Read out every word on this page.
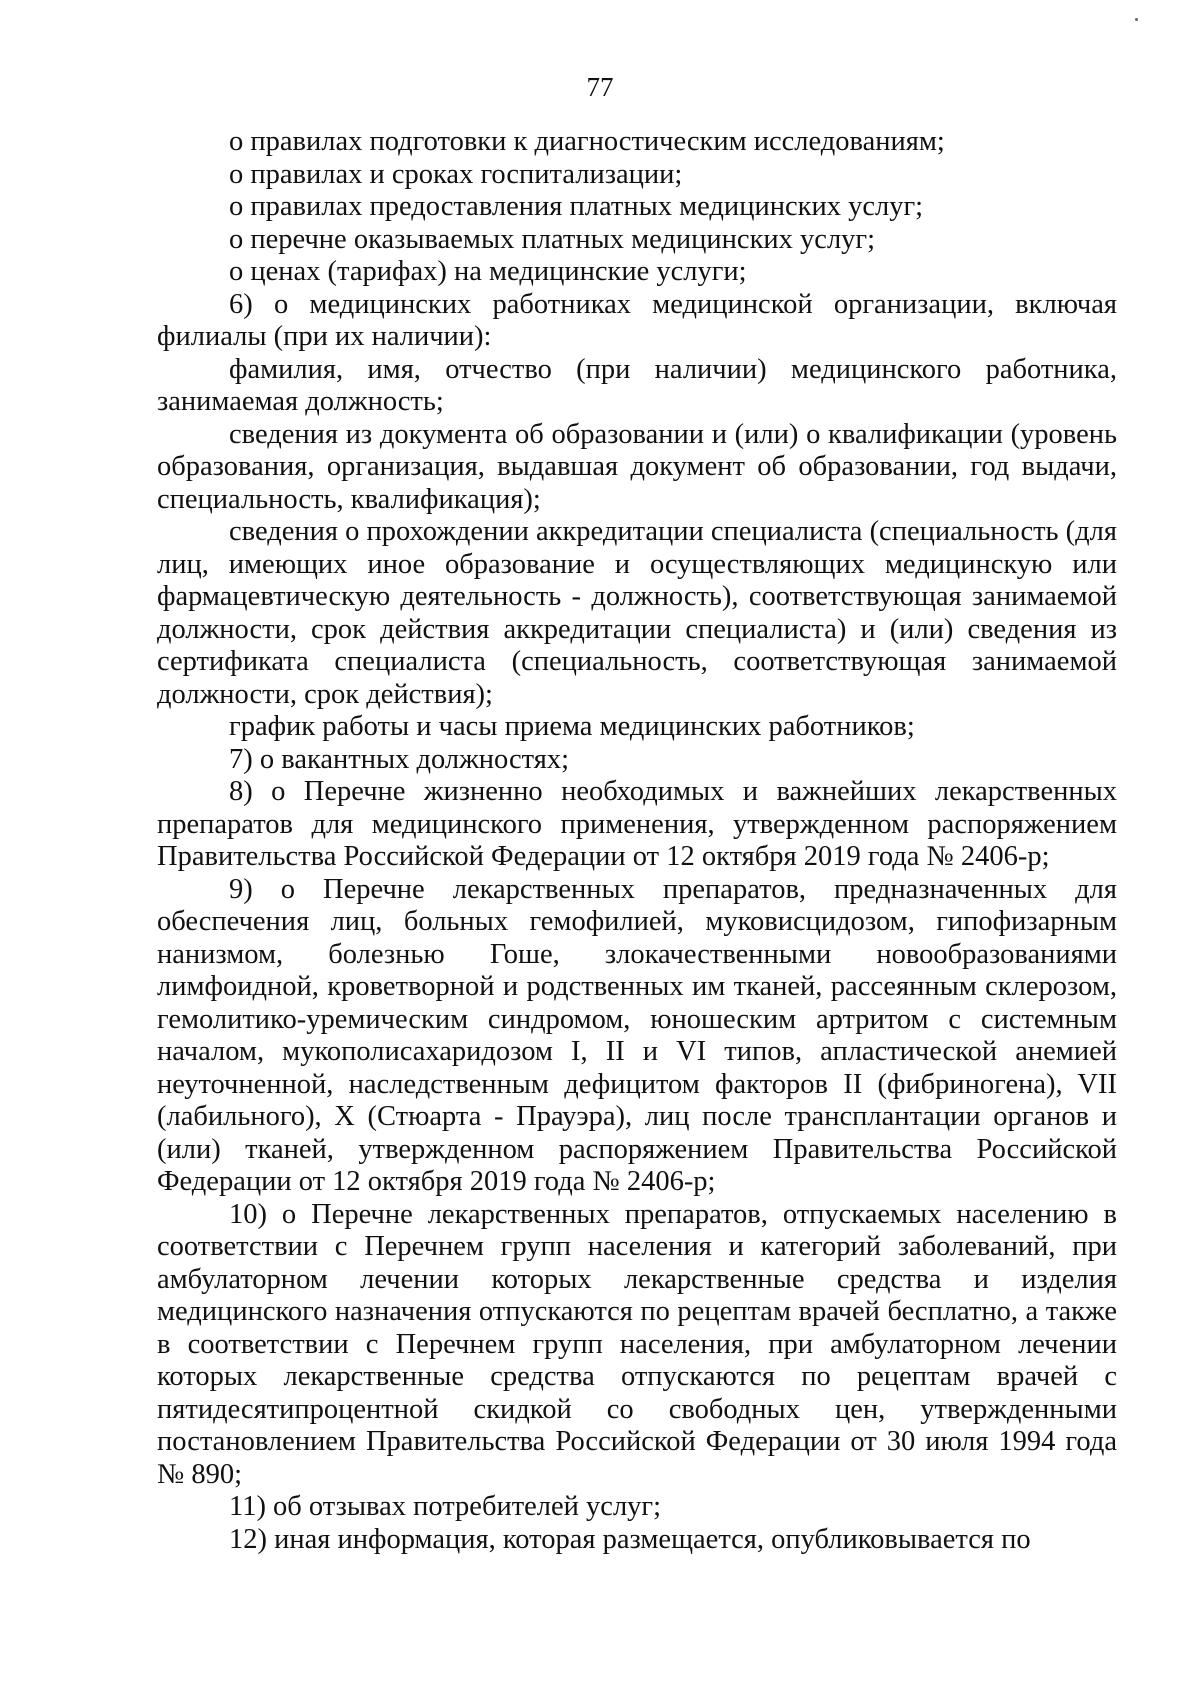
77

о правилах подготовки к диагностическим исследованиям;

о правилах и сроках госпитализации;

о правилах предоставления платных медицинских услуг;

о перечне оказываемых платных медицинских услуг;

о ценах (тарифах) на медицинские услуги;

6) о медицинских работниках медицинской организации, включая филиалы (при их наличии):

фамилия, имя, отчество (при наличии) медицинского работника, занимаемая должность;

сведения из документа об образовании и (или) о квалификации (уровень образования, организация, выдавшая документ об образовании, год выдачи, специальность, квалификация);

сведения о прохождении аккредитации специалиста (специальность (для лиц, имеющих иное образование и осуществляющих медицинскую или фармацевтическую деятельность - должность), соответствующая занимаемой должности, срок действия аккредитации специалиста) и (или) сведения из сертификата специалиста (специальность, соответствующая занимаемой должности, срок действия);

график работы и часы приема медицинских работников;

7) о вакантных должностях;

8) о Перечне жизненно необходимых и важнейших лекарственных препаратов для медицинского применения, утвержденном распоряжением Правительства Российской Федерации от 12 октября 2019 года № 2406-р;

9) о Перечне лекарственных препаратов, предназначенных для обеспечения лиц, больных гемофилией, муковисцидозом, гипофизарным нанизмом, болезнью Гоше, злокачественными новообразованиями лимфоидной, кроветворной и родственных им тканей, рассеянным склерозом, гемолитико-уремическим синдромом, юношеским артритом с системным началом, мукополисахаридозом I, II и VI типов, апластической анемией неуточненной, наследственным дефицитом факторов II (фибриногена), VII (лабильного), X (Стюарта - Прауэра), лиц после трансплантации органов и (или) тканей, утвержденном распоряжением Правительства Российской Федерации от 12 октября 2019 года № 2406-р;

10) о Перечне лекарственных препаратов, отпускаемых населению в соответствии с Перечнем групп населения и категорий заболеваний, при амбулаторном лечении которых лекарственные средства и изделия медицинского назначения отпускаются по рецептам врачей бесплатно, а также в соответствии с Перечнем групп населения, при амбулаторном лечении которых лекарственные средства отпускаются по рецептам врачей с пятидесятипроцентной скидкой со свободных цен, утвержденными постановлением Правительства Российской Федерации от 30 июля 1994 года № 890;

11) об отзывах потребителей услуг;

12) иная информация, которая размещается, опубликовывается по
